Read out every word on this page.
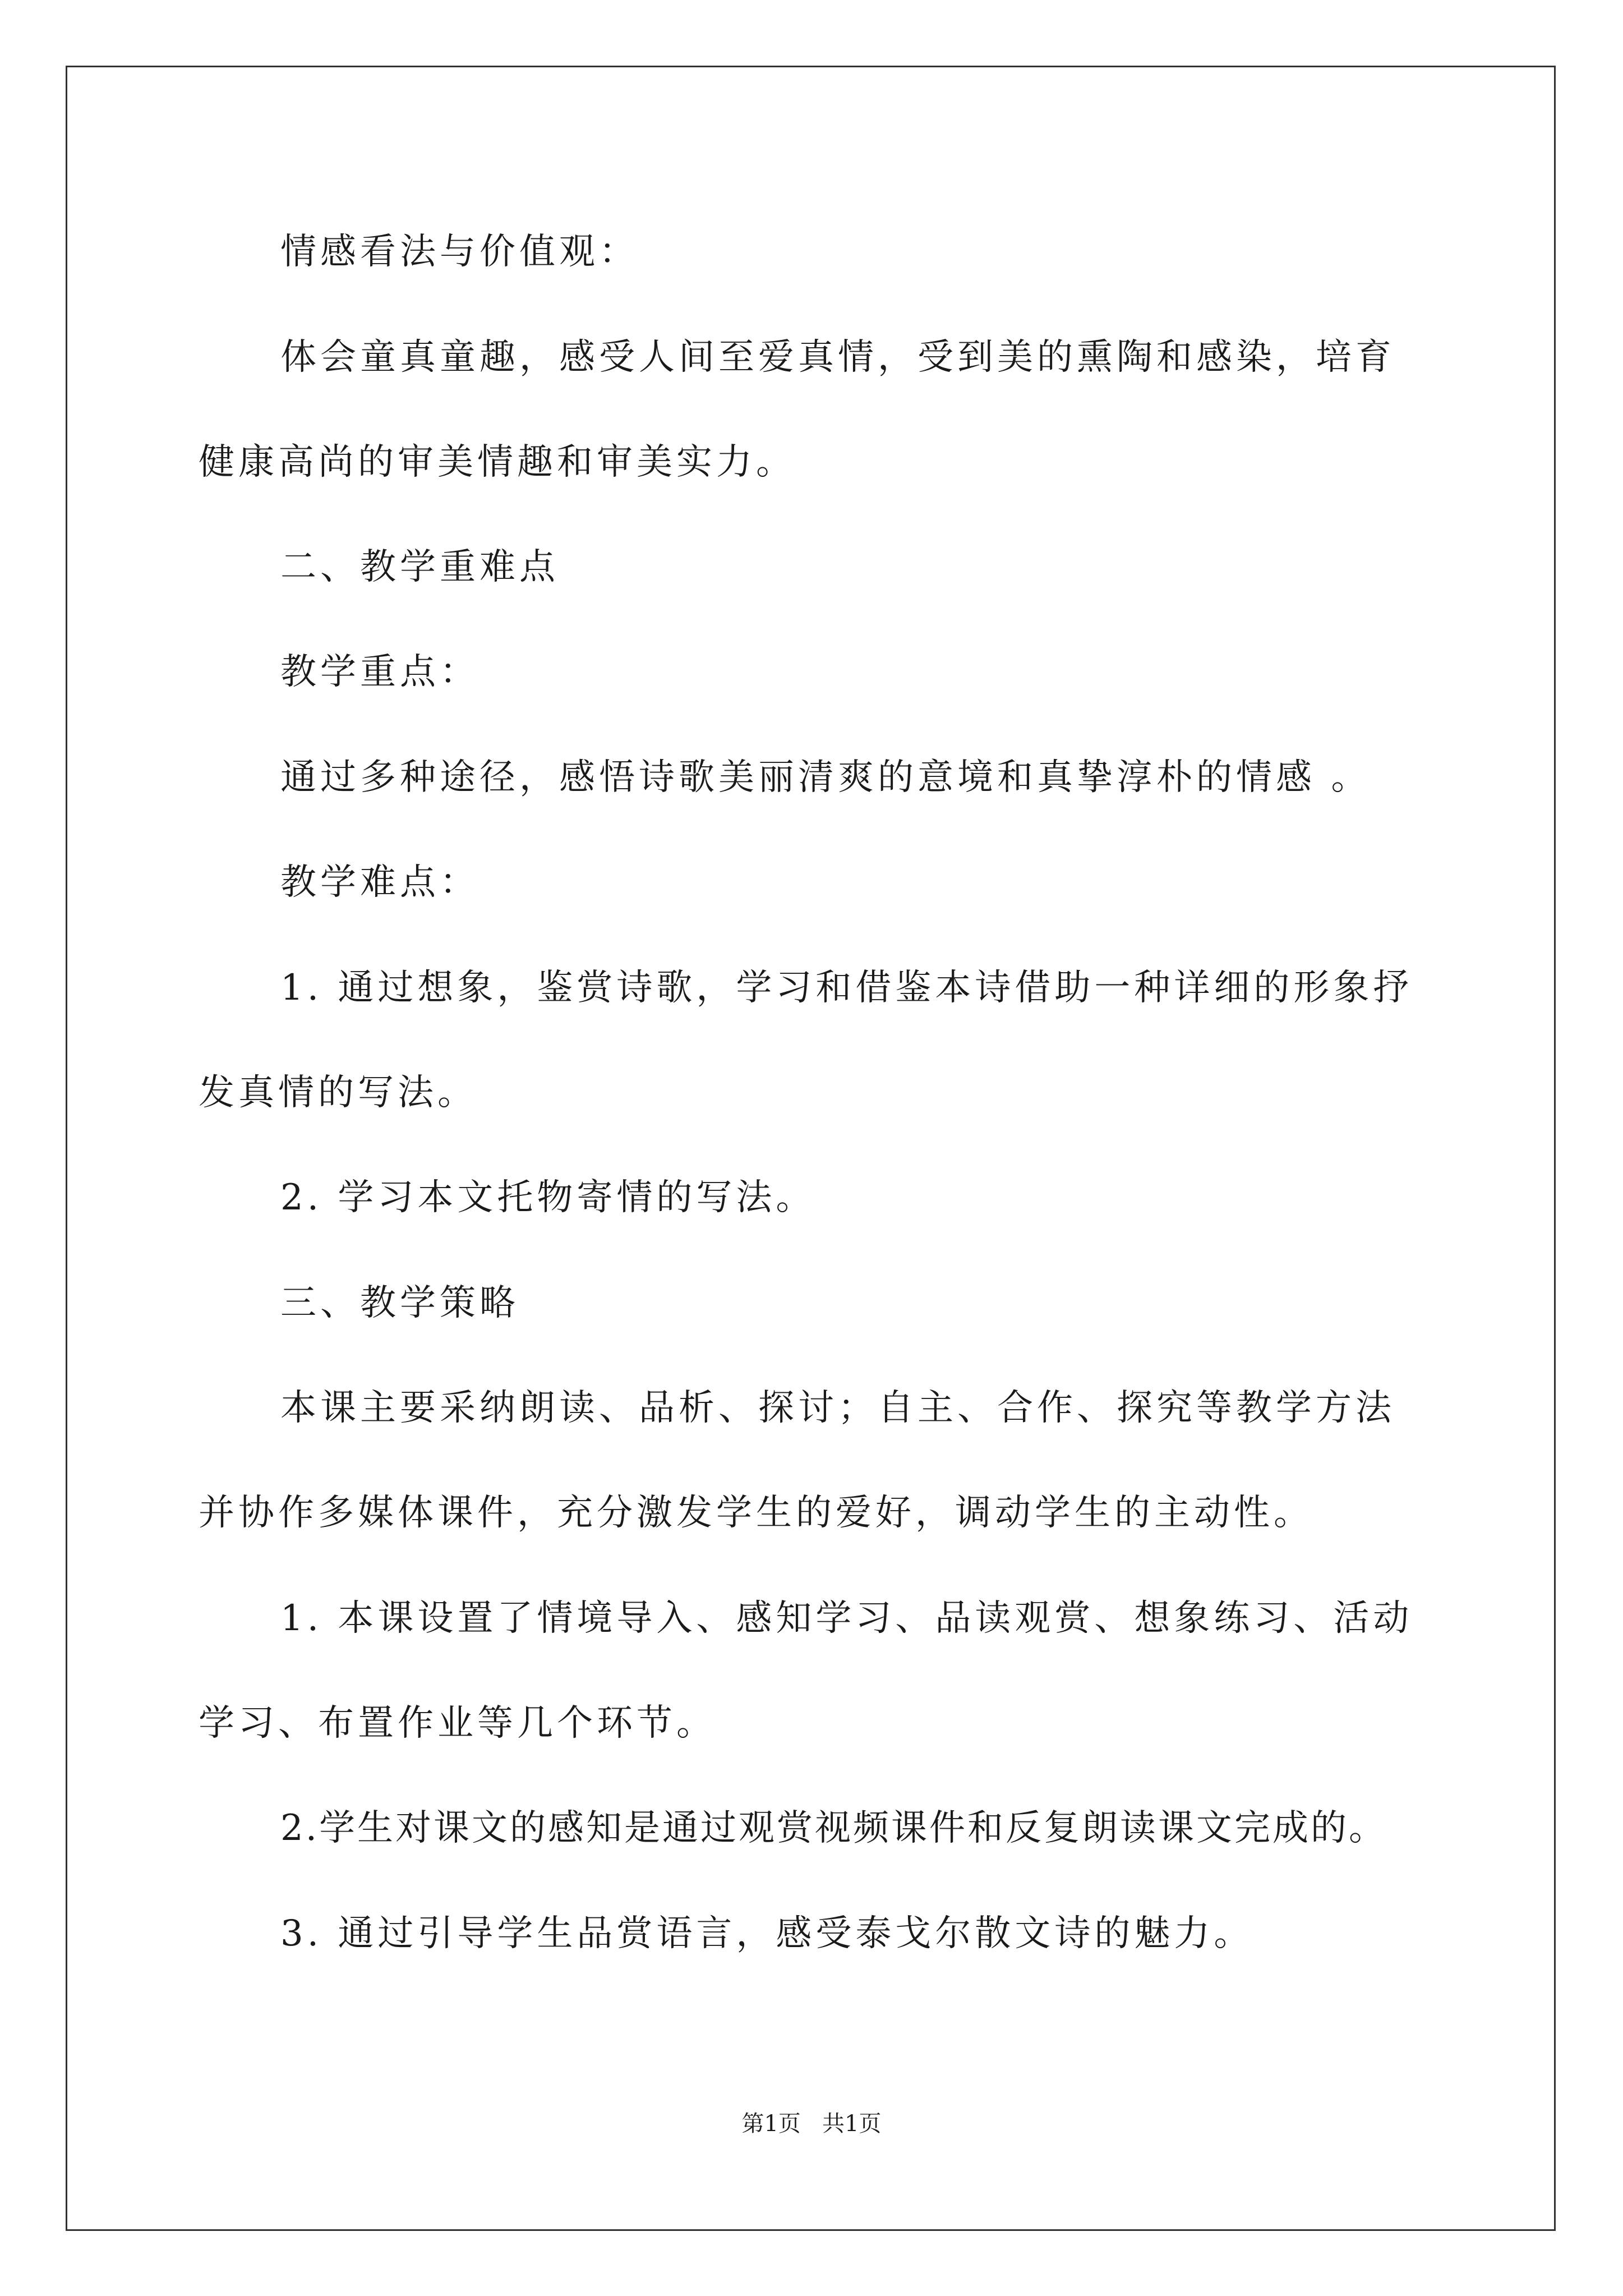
情感看法与价值观：
体会童真童趣，感受人间至爱真情，受到美的熏陶和感染，培育
健康高尚的审美情趣和审美实力。
二、教学重难点
教学重点：
通过多种途径，感悟诗歌美丽清爽的意境和真挚淳朴的情感 。
教学难点：
1. 通过想象，鉴赏诗歌，学习和借鉴本诗借助一种详细的形象抒
发真情的写法。
2. 学习本文托物寄情的写法。
三、教学策略
本课主要采纳朗读、品析、探讨；自主、合作、探究等教学方法
并协作多媒体课件，充分激发学生的爱好，调动学生的主动性。
1. 本课设置了情境导入、感知学习、品读观赏、想象练习、活动
学习、布置作业等几个环节。
2.学生对课文的感知是通过观赏视频课件和反复朗读课文完成的。
3. 通过引导学生品赏语言，感受泰戈尔散文诗的魅力。
第1页   共1页
